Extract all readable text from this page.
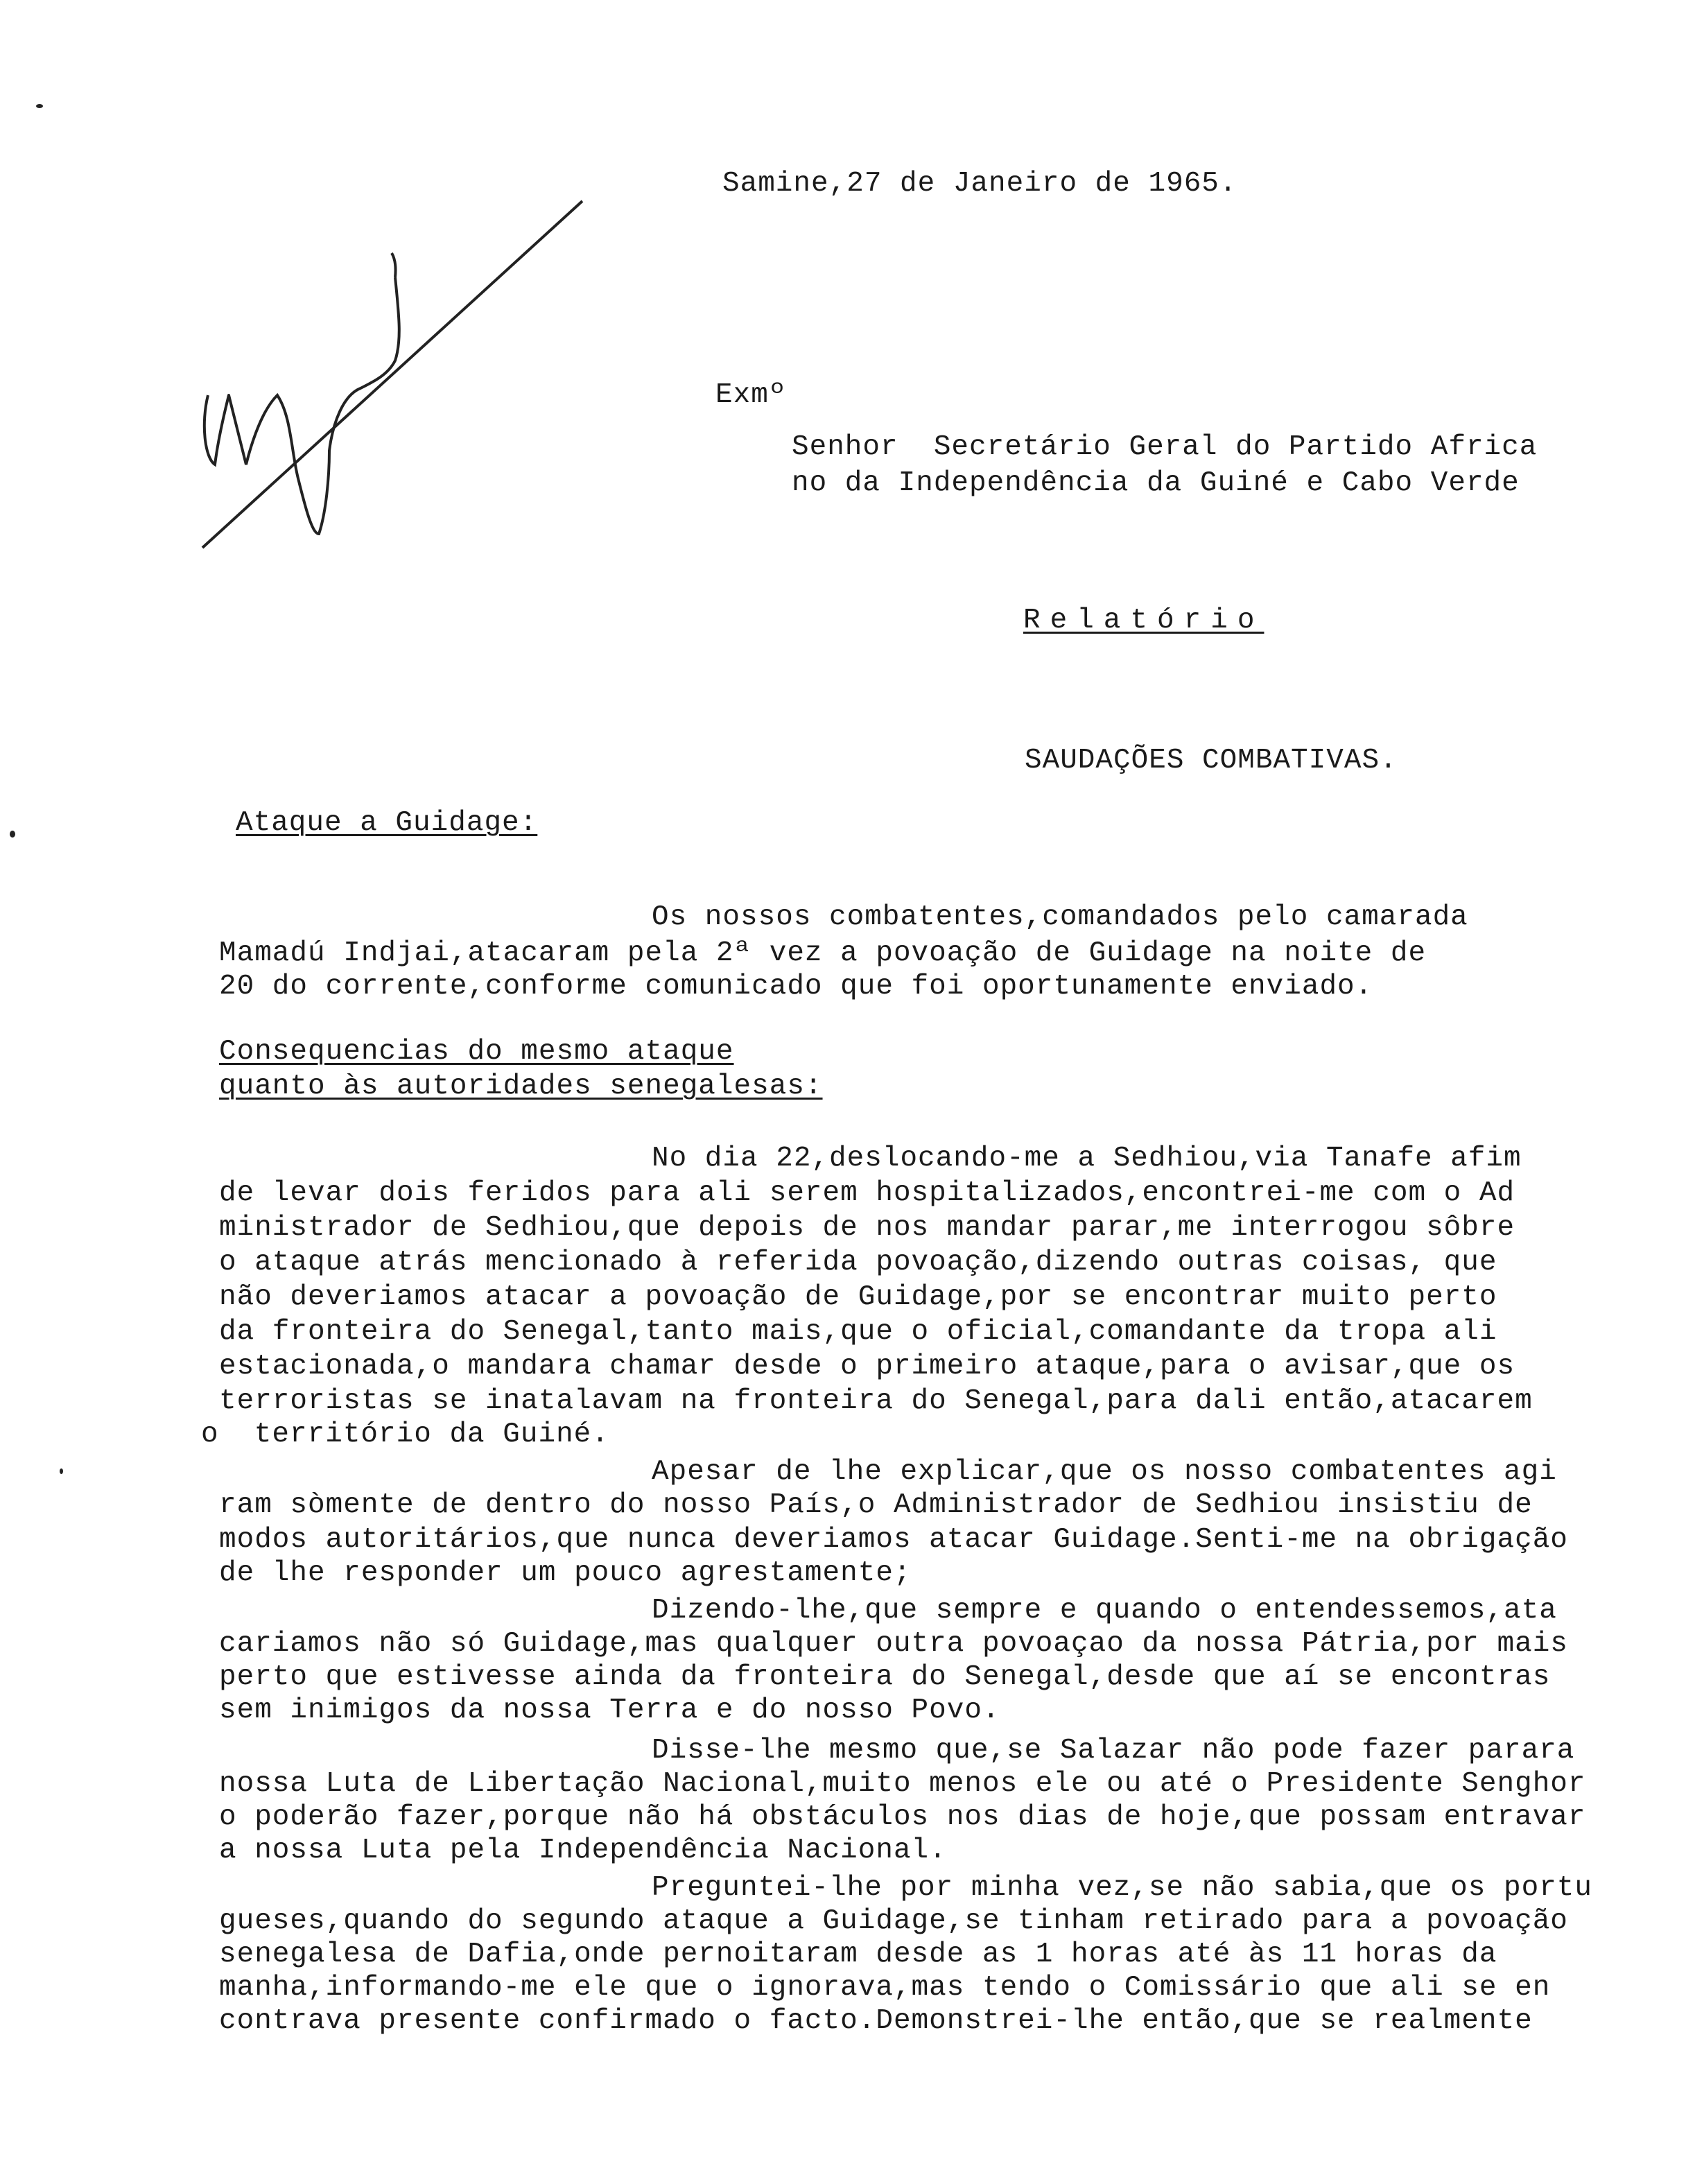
Samine,27 de Janeiro de 1965.
Exmº
Senhor  Secretário Geral do Partido Africa
no da Independência da Guiné e Cabo Verde
Relatório
SAUDAÇÕES COMBATIVAS.
Ataque a Guidage:
Os nossos combatentes,comandados pelo camarada
Mamadú Indjai,atacaram pela 2ª vez a povoação de Guidage na noite de
20 do corrente,conforme comunicado que foi oportunamente enviado.
Consequencias do mesmo ataque
quanto às autoridades senegalesas:
No dia 22,deslocando-me a Sedhiou,via Tanafe afim
de levar dois feridos para ali serem hospitalizados,encontrei-me com o Ad
ministrador de Sedhiou,que depois de nos mandar parar,me interrogou sôbre
o ataque atrás mencionado à referida povoação,dizendo outras coisas, que
não deveriamos atacar a povoação de Guidage,por se encontrar muito perto
da fronteira do Senegal,tanto mais,que o oficial,comandante da tropa ali
estacionada,o mandara chamar desde o primeiro ataque,para o avisar,que os
terroristas se inatalavam na fronteira do Senegal,para dali então,atacarem
o  território da Guiné.
Apesar de lhe explicar,que os nosso combatentes agi
ram sòmente de dentro do nosso País,o Administrador de Sedhiou insistiu de
modos autoritários,que nunca deveriamos atacar Guidage.Senti-me na obrigação
de lhe responder um pouco agrestamente;
Dizendo-lhe,que sempre e quando o entendessemos,ata
cariamos não só Guidage,mas qualquer outra povoaçao da nossa Pátria,por mais
perto que estivesse ainda da fronteira do Senegal,desde que aí se encontras
sem inimigos da nossa Terra e do nosso Povo.
Disse-lhe mesmo que,se Salazar não pode fazer parara
nossa Luta de Libertação Nacional,muito menos ele ou até o Presidente Senghor
o poderão fazer,porque não há obstáculos nos dias de hoje,que possam entravar
a nossa Luta pela Independência Nacional.
Preguntei-lhe por minha vez,se não sabia,que os portu
gueses,quando do segundo ataque a Guidage,se tinham retirado para a povoação
senegalesa de Dafia,onde pernoitaram desde as 1 horas até às 11 horas da
manha,informando-me ele que o ignorava,mas tendo o Comissário que ali se en
contrava presente confirmado o facto.Demonstrei-lhe então,que se realmente
